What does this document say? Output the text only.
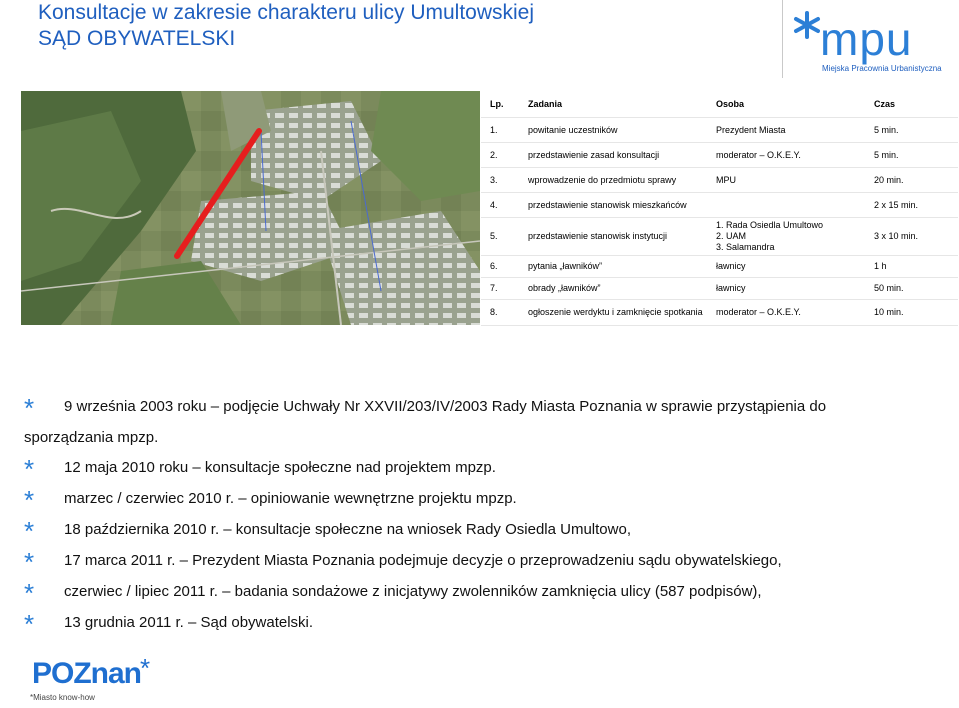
Konsultacje w zakresie charakteru ulicy Umultowskiej
SĄD OBYWATELSKI	mpu
Miejska Pracownia Urbanistyczna
Lp.	Zadania	Osoba	Czas
1.	powitanie uczestników	Prezydent Miasta	5 min.
2.	przedstawienie zasad konsultacji	moderator – O.K.E.Y.	5 min.
3.	wprowadzenie do przedmiotu sprawy	MPU	20 min.
4.	przedstawienie stanowisk mieszkańców		2 x 15 min.
5.	przedstawienie stanowisk instytucji	1. Rada Osiedla Umultowo
2. UAM
3. Salamandra	3 x 10 min.
6.	pytania „ławników”	ławnicy	1 h
7.	obrady „ławników”	ławnicy	50 min.
8.	ogłoszenie werdyktu i zamknięcie spotkania	moderator – O.K.E.Y.	10 min.
*	9 września 2003 roku – podjęcie Uchwały Nr XXVII/203/IV/2003 Rady Miasta Poznania w sprawie przystąpienia do
sporządzania mpzp.
*	12 maja 2010 roku – konsultacje społeczne nad projektem mpzp.
*	marzec / czerwiec 2010 r. – opiniowanie wewnętrzne projektu mpzp.
*	18 października 2010 r. – konsultacje społeczne na wniosek Rady Osiedla Umultowo,
*	17 marca 2011 r. – Prezydent Miasta Poznania podejmuje decyzje o przeprowadzeniu sądu obywatelskiego,
*	czerwiec / lipiec 2011 r. – badania sondażowe z inicjatywy zwolenników zamknięcia ulicy (587 podpisów),
*	13 grudnia 2011 r. – Sąd obywatelski.
POZnan
*
*Miasto know-how
